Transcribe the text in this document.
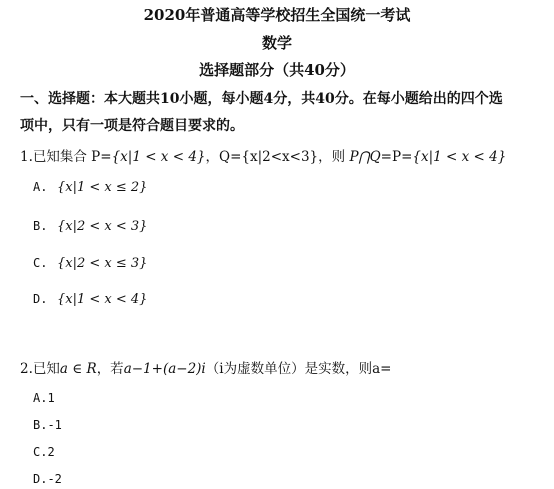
2020年普通高等学校招生全国统一考试
数学
选择题部分（共40分）
一、选择题：本大题共10小题，每小题4分，共40分。在每小题给出的四个选
项中，只有一项是符合题目要求的。
1.已知集合 P={x|1 < x < 4}，Q={x|2<x<3}，则 P⋂Q=P={x|1 < x < 4}
A. {x|1 < x ≤ 2}
B. {x|2 < x < 3}
C. {x|2 < x ≤ 3}
D. {x|1 < x < 4}
2.已知a ∈ R，若a−1+(a−2)i（i为虚数单位）是实数，则a=
A.1
B.-1
C.2
D.-2
